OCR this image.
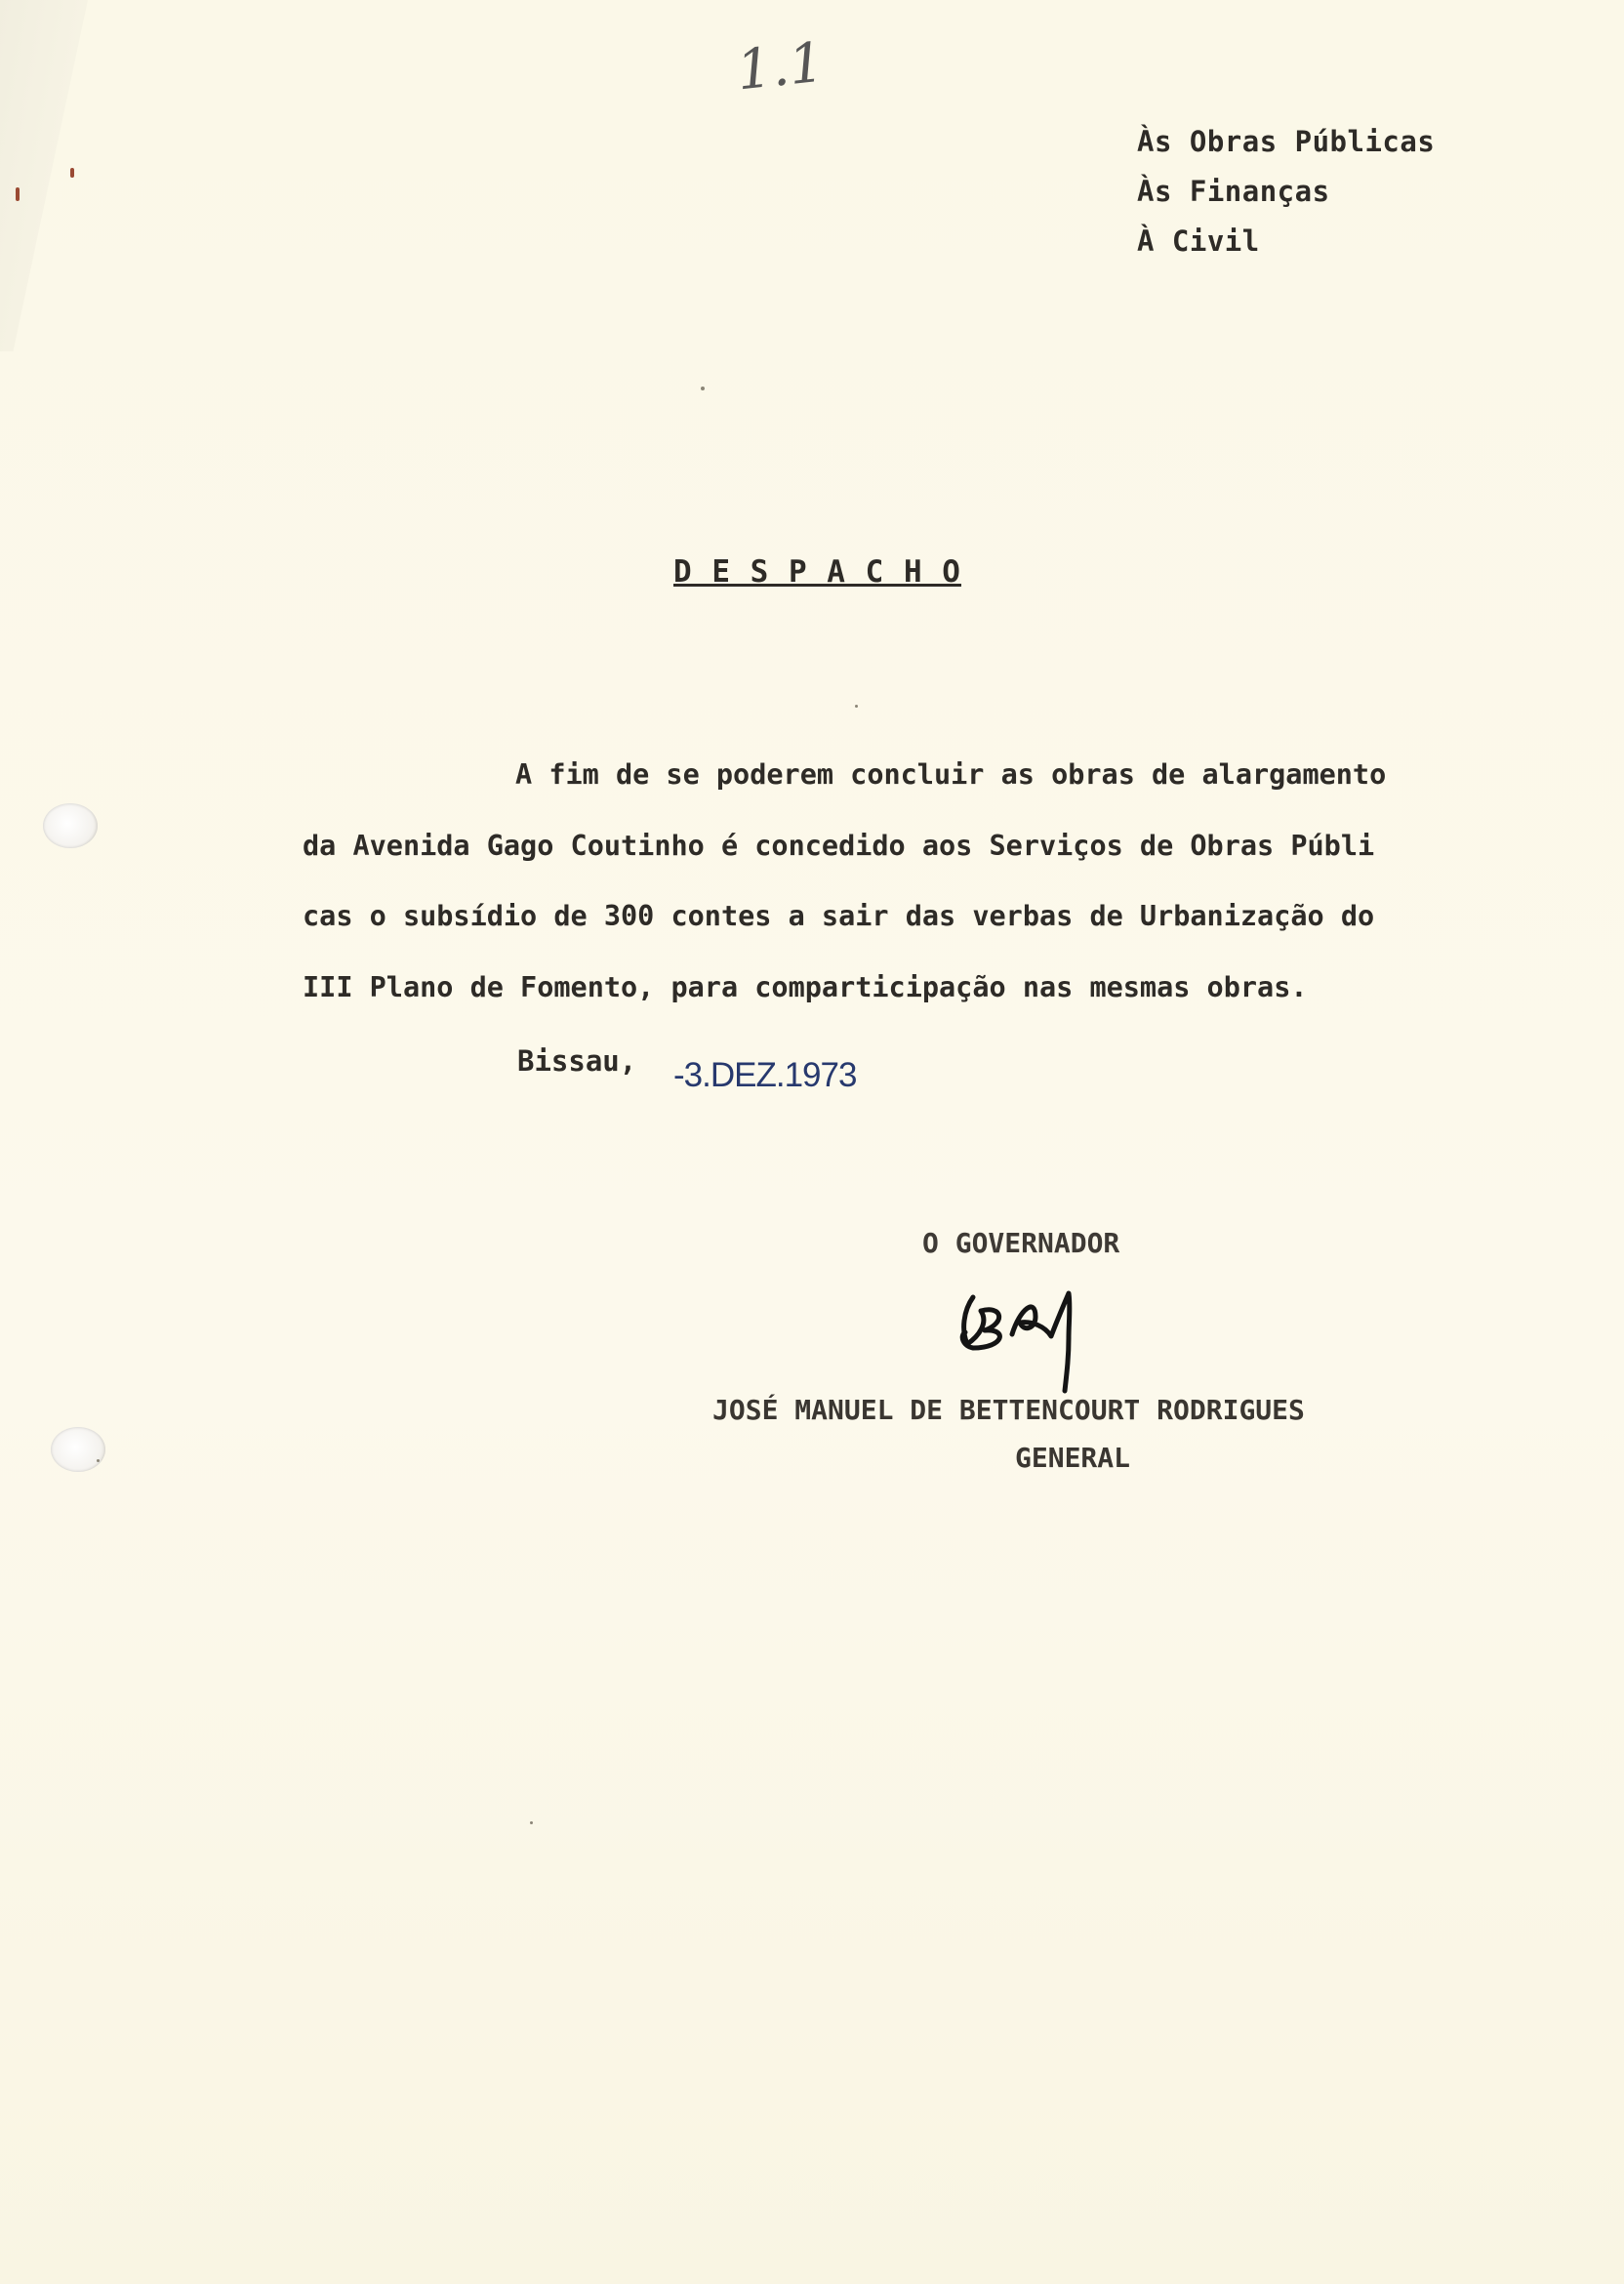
1.1
Às Obras Públicas
Às Finanças
À Civil
D E S P A C H O
A fim de se poderem concluir as obras de alargamento
da Avenida Gago Coutinho é concedido aos Serviços de Obras Públi
cas o subsídio de 300 contes a sair das verbas de Urbanização do
III Plano de Fomento, para comparticipação nas mesmas obras.
Bissau, -3.DEZ.1973
O GOVERNADOR
JOSÉ MANUEL DE BETTENCOURT RODRIGUES
GENERAL
